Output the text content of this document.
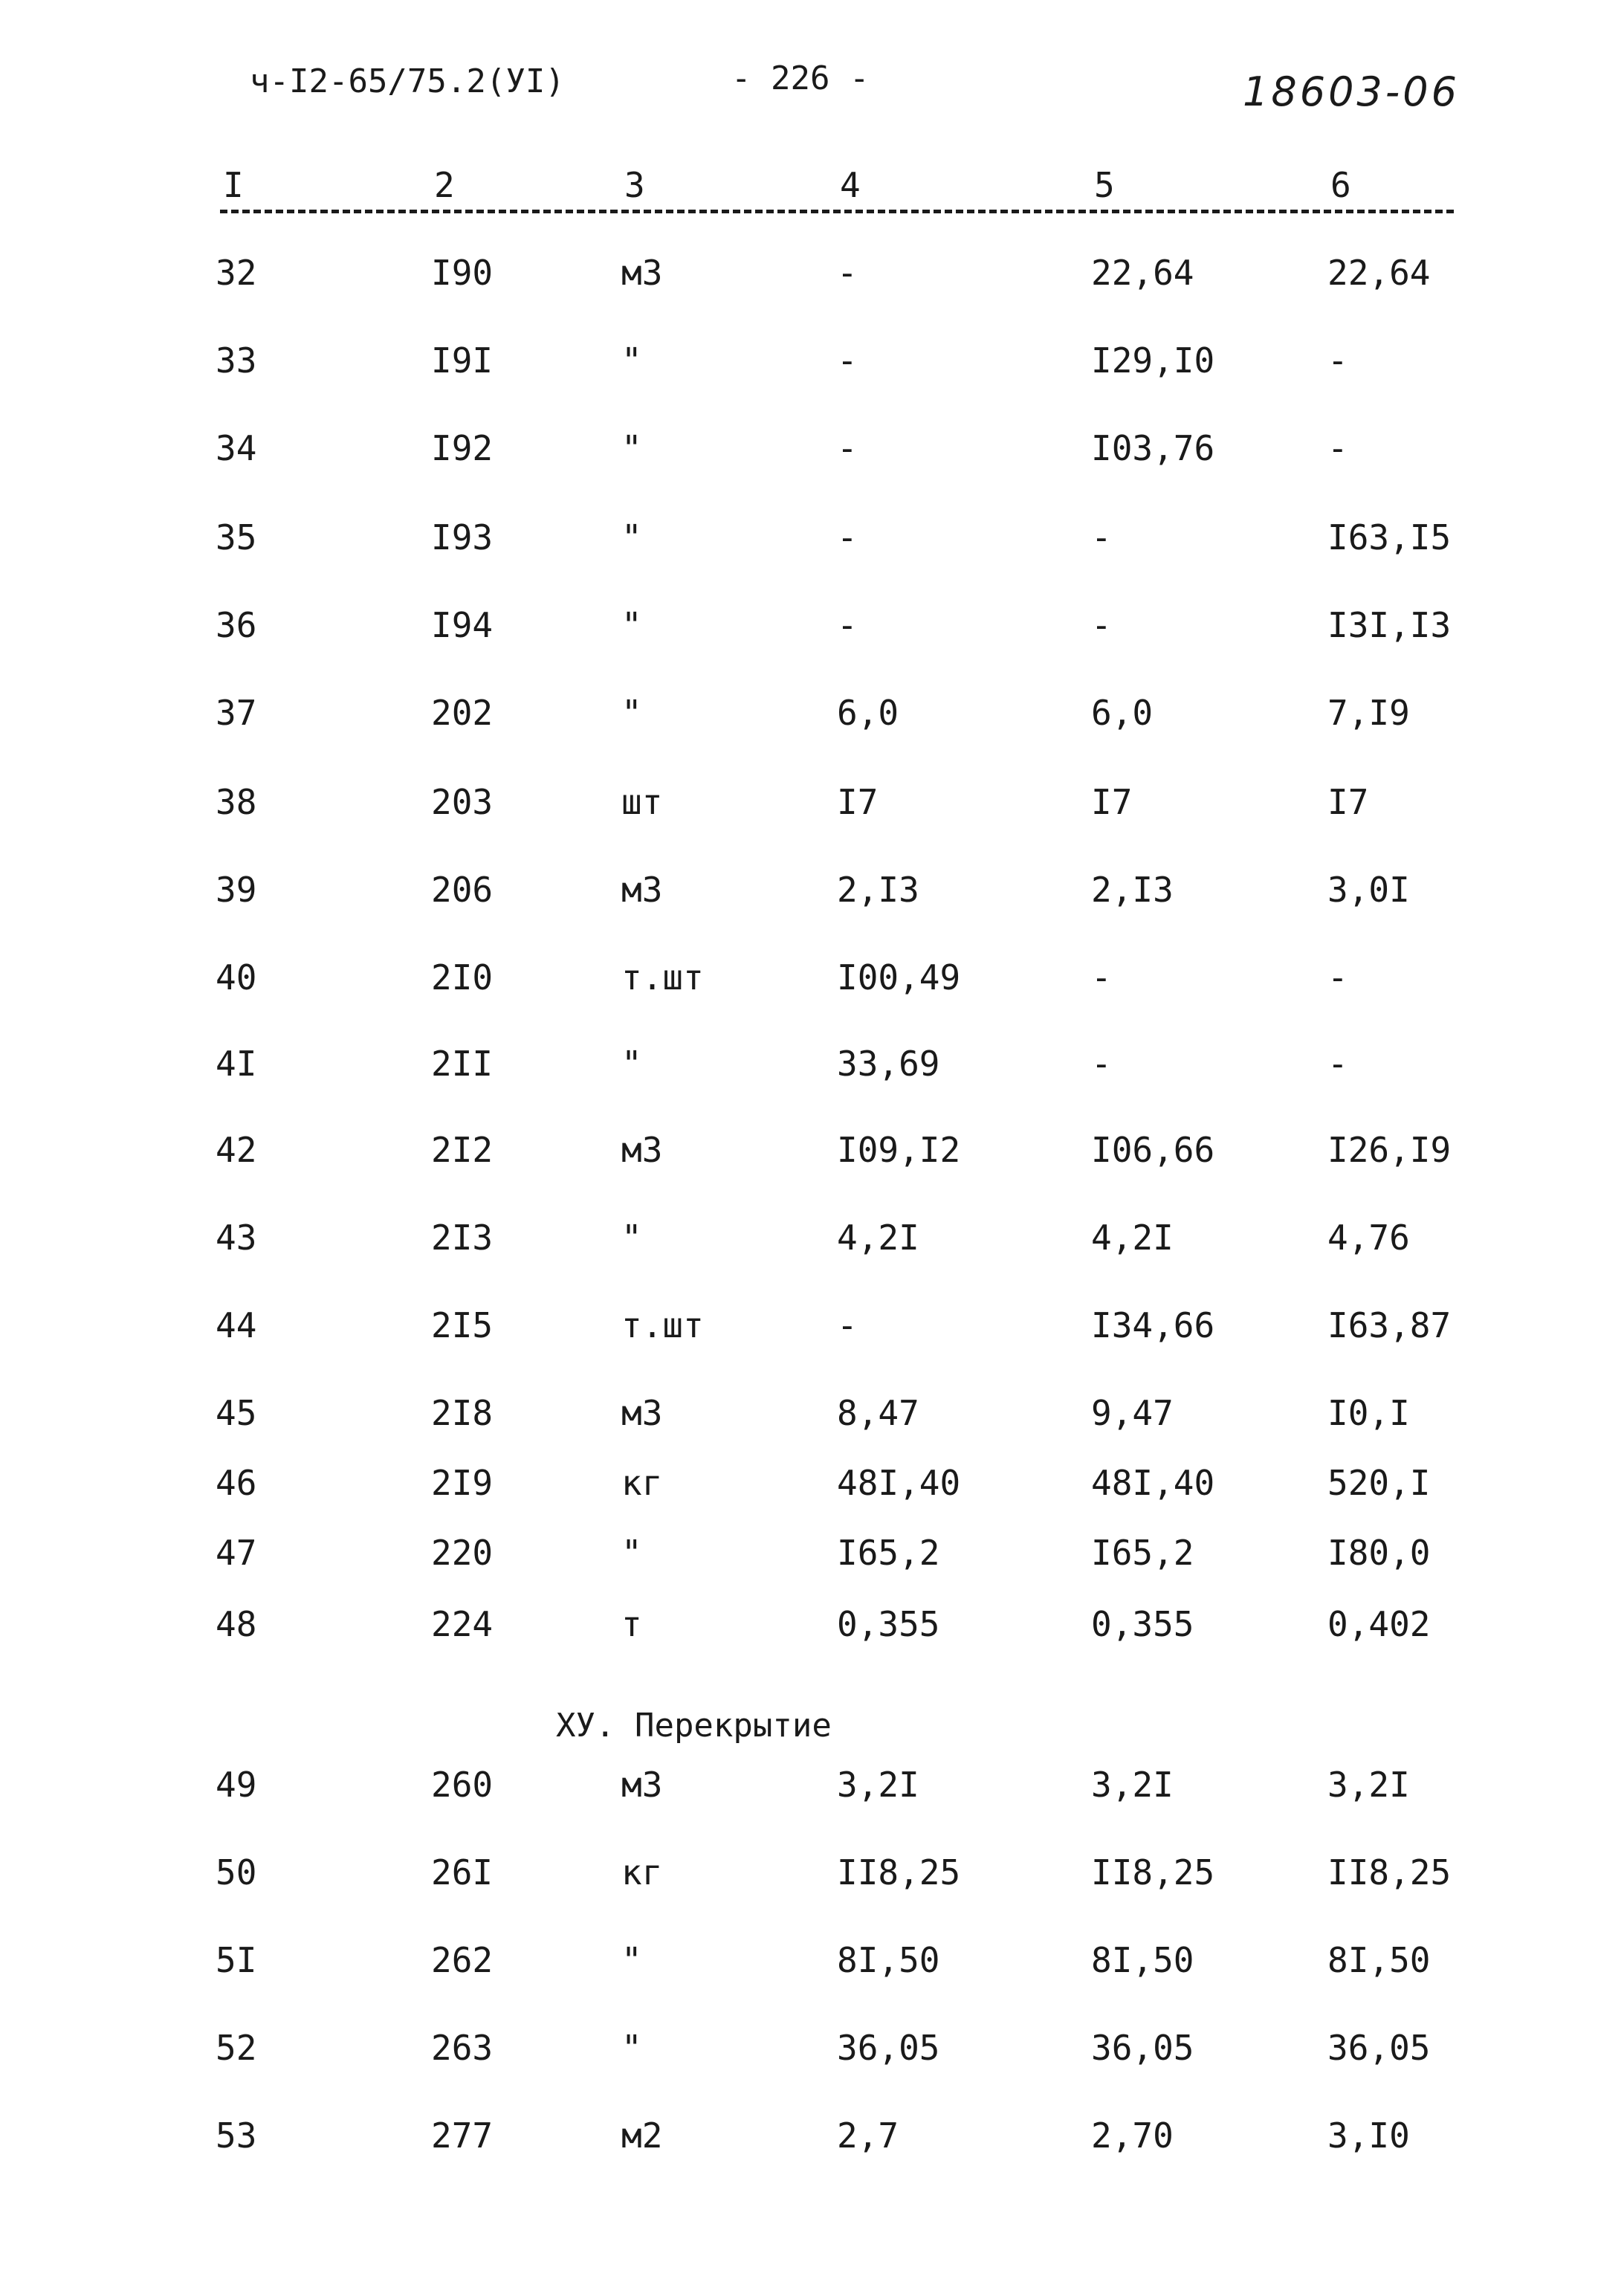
ч-I2-65/75.2(УI)	- 226 -	18603-06
I	2	3	4	5	6
32	I90	м3	-	22,64	22,64
33	I9I	"	-	I29,I0	-
34	I92	"	-	I03,76	-
35	I93	"	-	-	I63,I5
36	I94	"	-	-	I3I,I3
37	202	"	6,0	6,0	7,I9
38	203	шт	I7	I7	I7
39	206	м3	2,I3	2,I3	3,0I
40	2I0	т.шт	I00,49	-	-
4I	2II	"	33,69	-	-
42	2I2	м3	I09,I2	I06,66	I26,I9
43	2I3	"	4,2I	4,2I	4,76
44	2I5	т.шт	-	I34,66	I63,87
45	2I8	м3	8,47	9,47	I0,I
46	2I9	кг	48I,40	48I,40	520,I
47	220	"	I65,2	I65,2	I80,0
48	224	т	0,355	0,355	0,402
ХУ. Перекрытие
49	260	м3	3,2I	3,2I	3,2I
50	26I	кг	II8,25	II8,25	II8,25
5I	262	"	8I,50	8I,50	8I,50
52	263	"	36,05	36,05	36,05
53	277	м2	2,7	2,70	3,I0
